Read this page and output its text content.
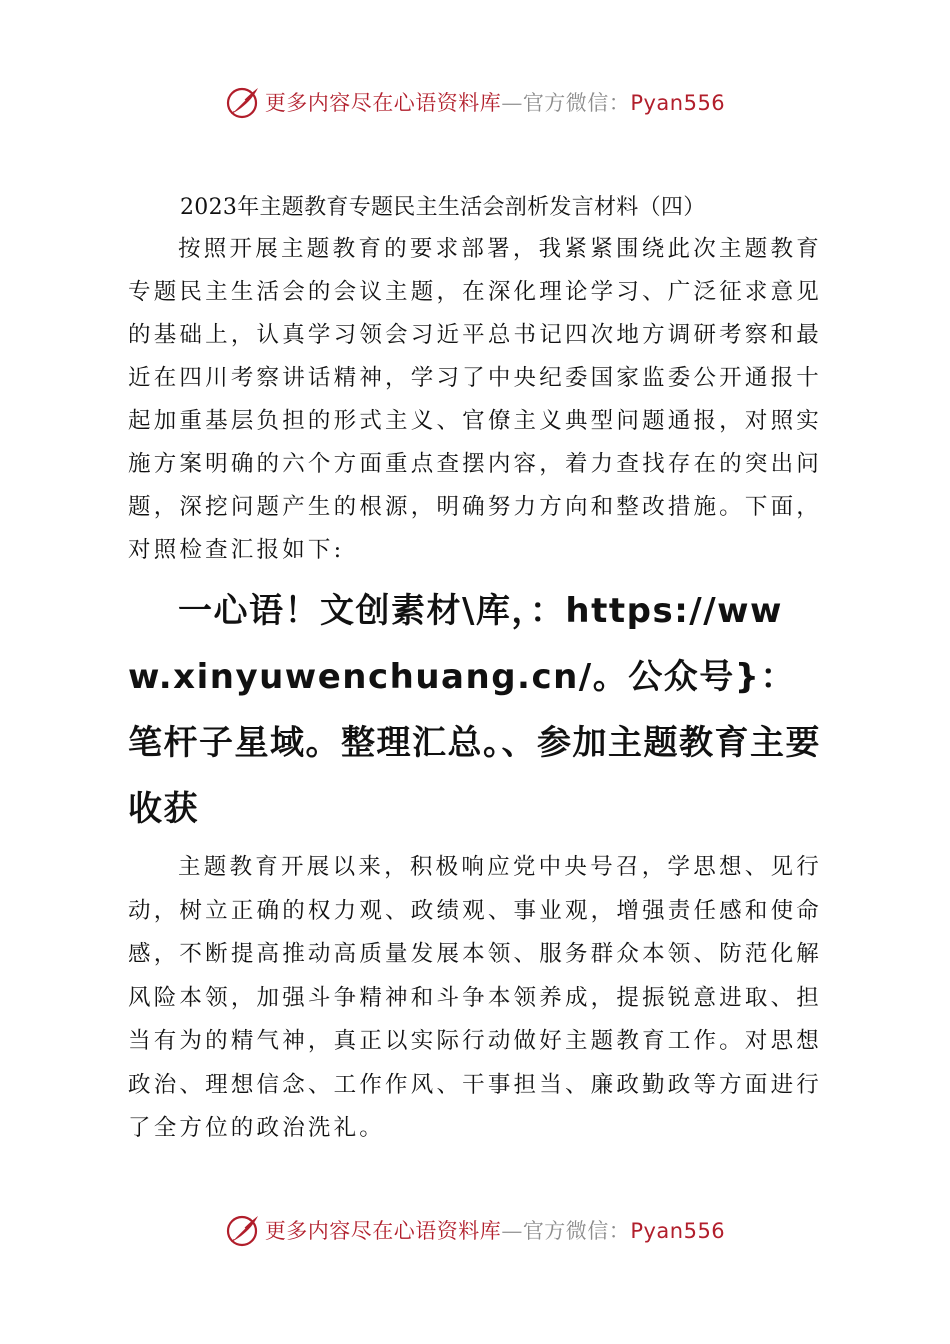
更多内容尽在心语资料库—官方微信：Pyan556

2023年主题教育专题民主生活会剖析发言材料（四）

按照开展主题教育的要求部署，我紧紧围绕此次主题教育专题民主生活会的会议主题，在深化理论学习、广泛征求意见的基础上，认真学习领会习近平总书记四次地方调研考察和最近在四川考察讲话精神，学习了中央纪委国家监委公开通报十起加重基层负担的形式主义、官僚主义典型问题通报，对照实施方案明确的六个方面重点查摆内容，着力查找存在的突出问题，深挖问题产生的根源，明确努力方向和整改措施。下面，对照检查汇报如下:

一心语！文创素材\库，：https://www.xinyuwenchuang.cn/。公众号}：笔杆子星域。整理汇总。、参加主题教育主要收获

主题教育开展以来，积极响应党中央号召，学思想、见行动，树立正确的权力观、政绩观、事业观，增强责任感和使命感，不断提高推动高质量发展本领、服务群众本领、防范化解风险本领，加强斗争精神和斗争本领养成，提振锐意进取、担当有为的精气神，真正以实际行动做好主题教育工作。对思想政治、理想信念、工作作风、干事担当、廉政勤政等方面进行了全方位的政治洗礼。

更多内容尽在心语资料库—官方微信：Pyan556
